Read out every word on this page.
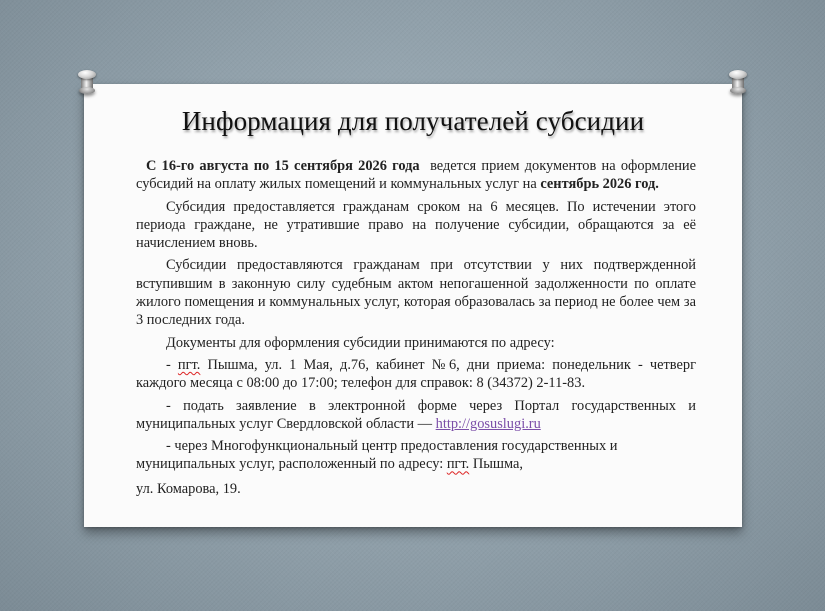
Информация для получателей субсидии

С 16-го августа по 15 сентября 2026 года  ведется прием документов на оформление субсидий на оплату жилых помещений и коммунальных услуг на сентябрь 2026 год.

Субсидия предоставляется гражданам сроком на 6 месяцев. По истечении этого периода граждане, не утратившие право на получение субсидии, обращаются за её начислением вновь.

Субсидии предоставляются гражданам при отсутствии у них подтвержденной вступившим в законную силу судебным актом непогашенной задолженности по оплате жилого помещения и коммунальных услуг, которая образовалась за период не более чем за 3 последних года.

Документы для оформления субсидии принимаются по адресу:

- пгт. Пышма, ул. 1 Мая, д.76, кабинет №6, дни приема: понедельник - четверг каждого месяца с 08:00 до 17:00; телефон для справок: 8 (34372) 2-11-83.

- подать заявление в электронной форме через Портал государственных и муниципальных услуг Свердловской области — http://gosuslugi.ru

- через Многофункциональный центр предоставления государственных и муниципальных услуг, расположенный по адресу: пгт. Пышма,

ул. Комарова, 19.
